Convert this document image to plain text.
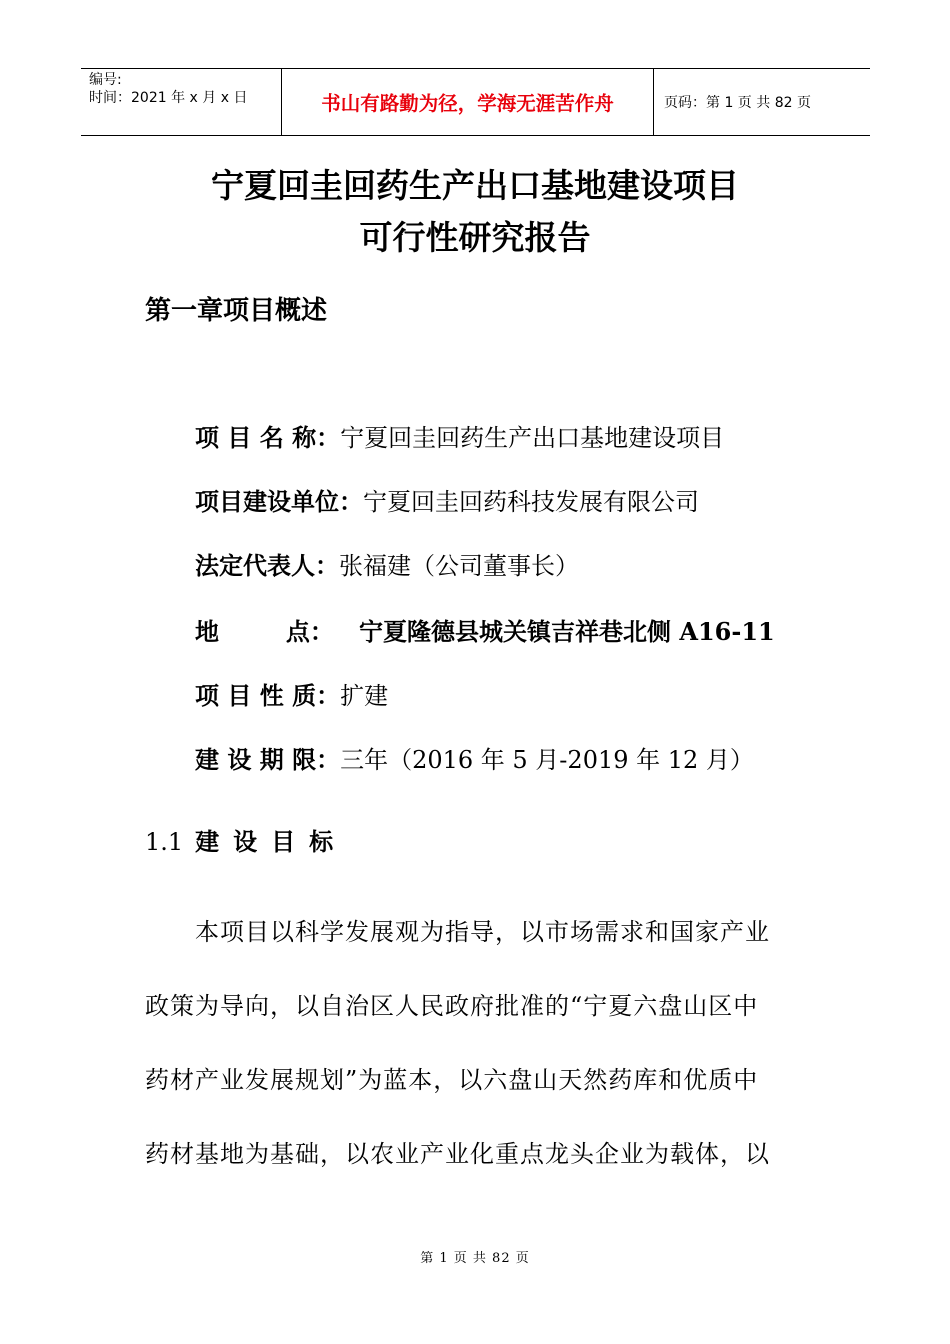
编号:
时间：2021 年 x 月 x 日	书山有路勤为径，学海无涯苦作舟	页码：第 1 页 共 82 页
宁夏回圭回药生产出口基地建设项目
可行性研究报告
第一章项目概述
项 目 名 称：宁夏回圭回药生产出口基地建设项目
项目建设单位：宁夏回圭回药科技发展有限公司
法定代表人：张福建（公司董事长）
地        点： 宁夏隆德县城关镇吉祥巷北侧 A16-11
项 目 性 质：扩建
建 设 期 限：三年（2016 年 5 月-2019 年 12 月）
1.1 建设目标
本项目以科学发展观为指导，以市场需求和国家产业
政策为导向，以自治区人民政府批准的“宁夏六盘山区中
药材产业发展规划”为蓝本，以六盘山天然药库和优质中
药材基地为基础，以农业产业化重点龙头企业为载体，以
第 1 页 共 82 页
